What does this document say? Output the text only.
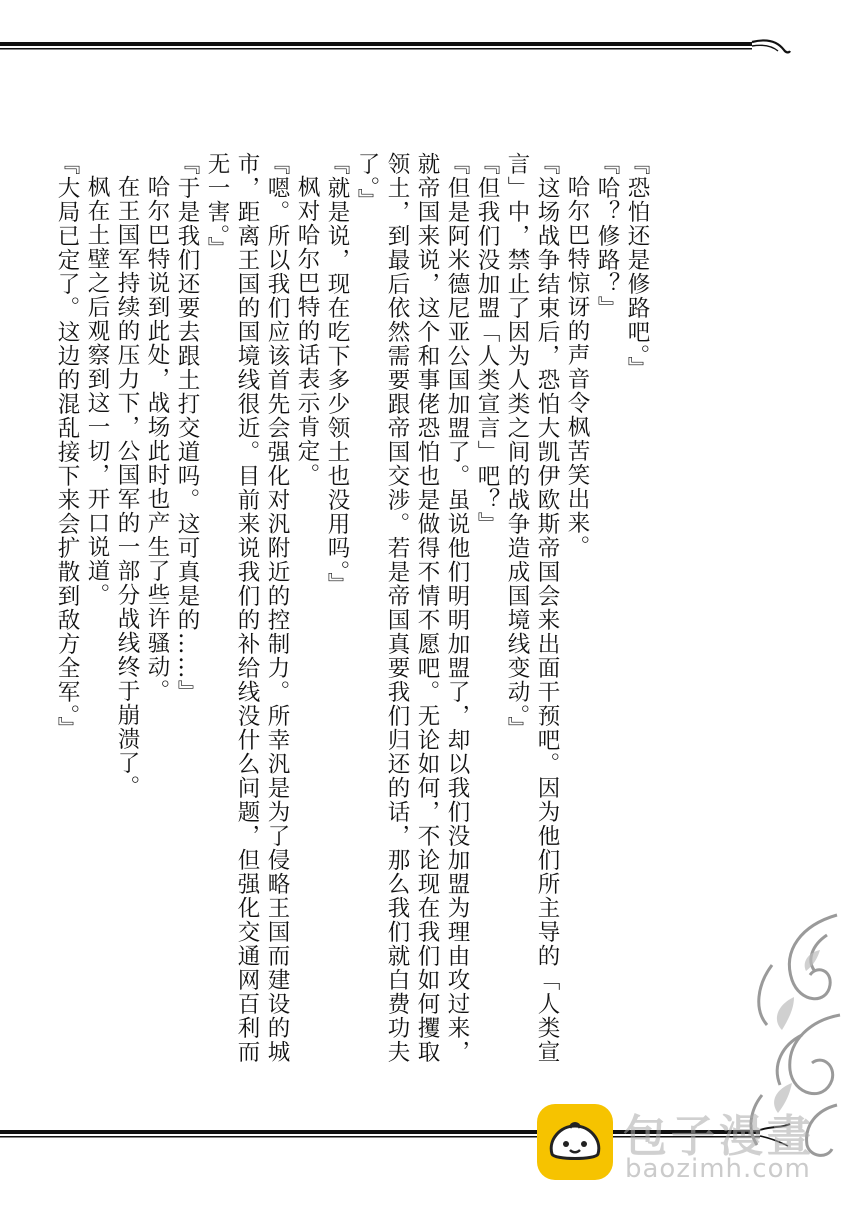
『恐怕还是修路吧。』

『哈？修路？』

哈尔巴特惊讶的声音令枫苦笑出来。

『这场战争结束后，恐怕大凯伊欧斯帝国会来出面干预吧。因为他们所主导的「人类宣言」中，禁止了因为人类之间的战争造成国境线变动。』

『但我们没加盟「人类宣言」吧？』

『但是阿米德尼亚公国加盟了。虽说他们明明加盟了，却以我们没加盟为理由攻过来，就帝国来说，这个和事佬恐怕也是做得不情不愿吧。无论如何，不论现在我们如何攫取领土，到最后依然需要跟帝国交涉。若是帝国真要我们归还的话，那么我们就白费功夫了。』

『就是说，现在吃下多少领土也没用吗。』

枫对哈尔巴特的话表示肯定。

『嗯。所以我们应该首先会强化对汎附近的控制力。所幸汎是为了侵略王国而建设的城市，距离王国的国境线很近。目前来说我们的补给线没什么问题，但强化交通网百利而无一害。』

『于是我们还要去跟土打交道吗。这可真是的……』

哈尔巴特说到此处，战场此时也产生了些许骚动。

在王国军持续的压力下，公国军的一部分战线终于崩溃了。

枫在土壁之后观察到这一切，开口说道。

『大局已定了。这边的混乱接下来会扩散到敌方全军。』

包子漫畫
baozimh.com
